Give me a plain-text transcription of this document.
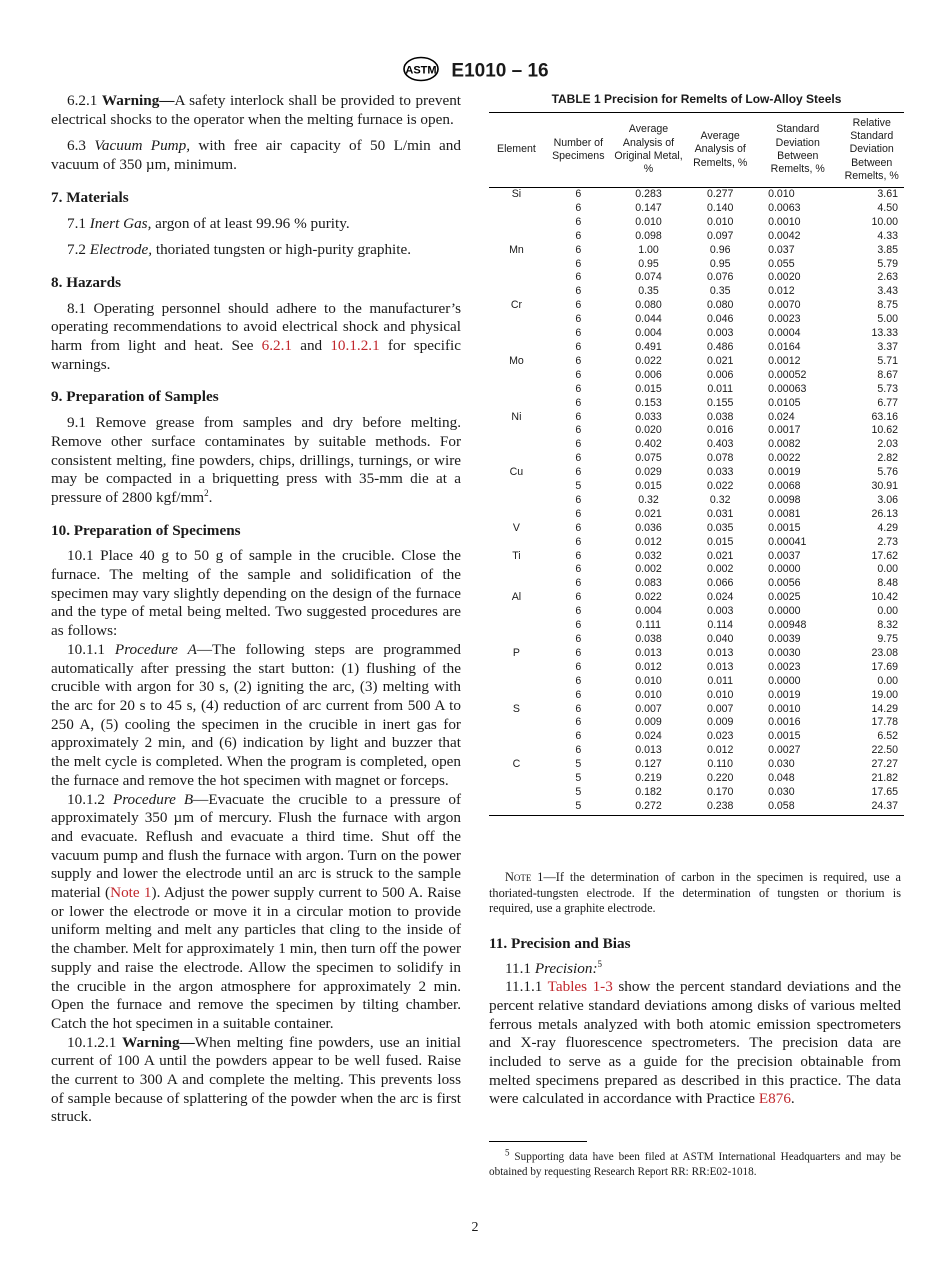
ASTM E1010 – 16

6.2.1 Warning—A safety interlock shall be provided to prevent electrical shocks to the operator when the melting furnace is open.

6.3 Vacuum Pump, with free air capacity of 50 L/min and vacuum of 350 µm, minimum.

7. Materials

7.1 Inert Gas, argon of at least 99.96 % purity.

7.2 Electrode, thoriated tungsten or high-purity graphite.

8. Hazards

8.1 Operating personnel should adhere to the manufacturer’s operating recommendations to avoid electrical shock and physical harm from light and heat. See 6.2.1 and 10.1.2.1 for specific warnings.

9. Preparation of Samples

9.1 Remove grease from samples and dry before melting. Remove other surface contaminates by suitable methods. For consistent melting, fine powders, chips, drillings, turnings, or wire may be compacted in a briquetting press with 35-mm die at a pressure of 2800 kgf/$mm^2$.

10. Preparation of Specimens

10.1 Place 40 g to 50 g of sample in the crucible. Close the furnace. The melting of the sample and solidification of the specimen may vary slightly depending on the design of the furnace and the type of metal being melted. Two suggested procedures are as follows:

10.1.1 Procedure A—The following steps are programmed automatically after pressing the start button: (1) flushing of the crucible with argon for 30 s, (2) igniting the arc, (3) melting with the arc for 20 s to 45 s, (4) reduction of arc current from 500 A to 250 A, (5) cooling the specimen in the crucible in inert gas for approximately 2 min, and (6) indication by light and buzzer that the melt cycle is completed. When the program is completed, open the furnace and remove the hot specimen with magnet or forceps.

10.1.2 Procedure B—Evacuate the crucible to a pressure of approximately 350 µm of mercury. Flush the furnace with argon and evacuate. Reflush and evacuate a third time. Shut off the vacuum pump and flush the furnace with argon. Turn on the power supply and lower the electrode until an arc is struck to the sample material (Note 1). Adjust the power supply current to 500 A. Raise or lower the electrode or move it in a circular motion to provide uniform melting and melt any particles that cling to the inside of the chamber. Melt for approximately 1 min, then turn off the power supply and raise the electrode. Allow the specimen to solidify in the crucible in the argon atmosphere for approximately 2 min. Open the furnace and remove the specimen by tilting chamber. Catch the hot specimen in a suitable container.

10.1.2.1 Warning—When melting fine powders, use an initial current of 100 A until the powders appear to be well fused. Raise the current to 300 A and complete the melting. This prevents loss of sample because of splattering of the powder when the arc is first struck.

TABLE 1 Precision for Remelts of Low-Alloy Steels
Element	Number of Specimens	Average Analysis of Original Metal, %	Average Analysis of Remelts, %	Standard Deviation Between Remelts, %	Relative Standard Deviation Between Remelts, %
Si	6	0.283	0.277	0.010	3.61
	6	0.147	0.140	0.0063	4.50
	6	0.010	0.010	0.0010	10.00
	6	0.098	0.097	0.0042	4.33
Mn	6	1.00	0.96	0.037	3.85
	6	0.95	0.95	0.055	5.79
	6	0.074	0.076	0.0020	2.63
	6	0.35	0.35	0.012	3.43
Cr	6	0.080	0.080	0.0070	8.75
	6	0.044	0.046	0.0023	5.00
	6	0.004	0.003	0.0004	13.33
	6	0.491	0.486	0.0164	3.37
Mo	6	0.022	0.021	0.0012	5.71
	6	0.006	0.006	0.00052	8.67
	6	0.015	0.011	0.00063	5.73
	6	0.153	0.155	0.0105	6.77
Ni	6	0.033	0.038	0.024	63.16
	6	0.020	0.016	0.0017	10.62
	6	0.402	0.403	0.0082	2.03
	6	0.075	0.078	0.0022	2.82
Cu	6	0.029	0.033	0.0019	5.76
	5	0.015	0.022	0.0068	30.91
	6	0.32	0.32	0.0098	3.06
	6	0.021	0.031	0.0081	26.13
V	6	0.036	0.035	0.0015	4.29
	6	0.012	0.015	0.00041	2.73
Ti	6	0.032	0.021	0.0037	17.62
	6	0.002	0.002	0.0000	0.00
	6	0.083	0.066	0.0056	8.48
Al	6	0.022	0.024	0.0025	10.42
	6	0.004	0.003	0.0000	0.00
	6	0.111	0.114	0.00948	8.32
	6	0.038	0.040	0.0039	9.75
P	6	0.013	0.013	0.0030	23.08
	6	0.012	0.013	0.0023	17.69
	6	0.010	0.011	0.0000	0.00
	6	0.010	0.010	0.0019	19.00
S	6	0.007	0.007	0.0010	14.29
	6	0.009	0.009	0.0016	17.78
	6	0.024	0.023	0.0015	6.52
	6	0.013	0.012	0.0027	22.50
C	5	0.127	0.110	0.030	27.27
	5	0.219	0.220	0.048	21.82
	5	0.182	0.170	0.030	17.65
	5	0.272	0.238	0.058	24.37

Note 1—If the determination of carbon in the specimen is required, use a thoriated-tungsten electrode. If the determination of tungsten or thorium is required, use a graphite electrode.

11. Precision and Bias

11.1 Precision:$^5$

11.1.1 Tables 1-3 show the percent standard deviations and the percent relative standard deviations among disks of various melted ferrous metals analyzed with both atomic emission spectrometers and X-ray fluorescence spectrometers. The precision data are included to serve as a guide for the precision obtainable from melted specimens prepared as described in this practice. The data were calculated in accordance with Practice E876.

$^5$ Supporting data have been filed at ASTM International Headquarters and may be obtained by requesting Research Report RR: RR:E02-1018.

2
